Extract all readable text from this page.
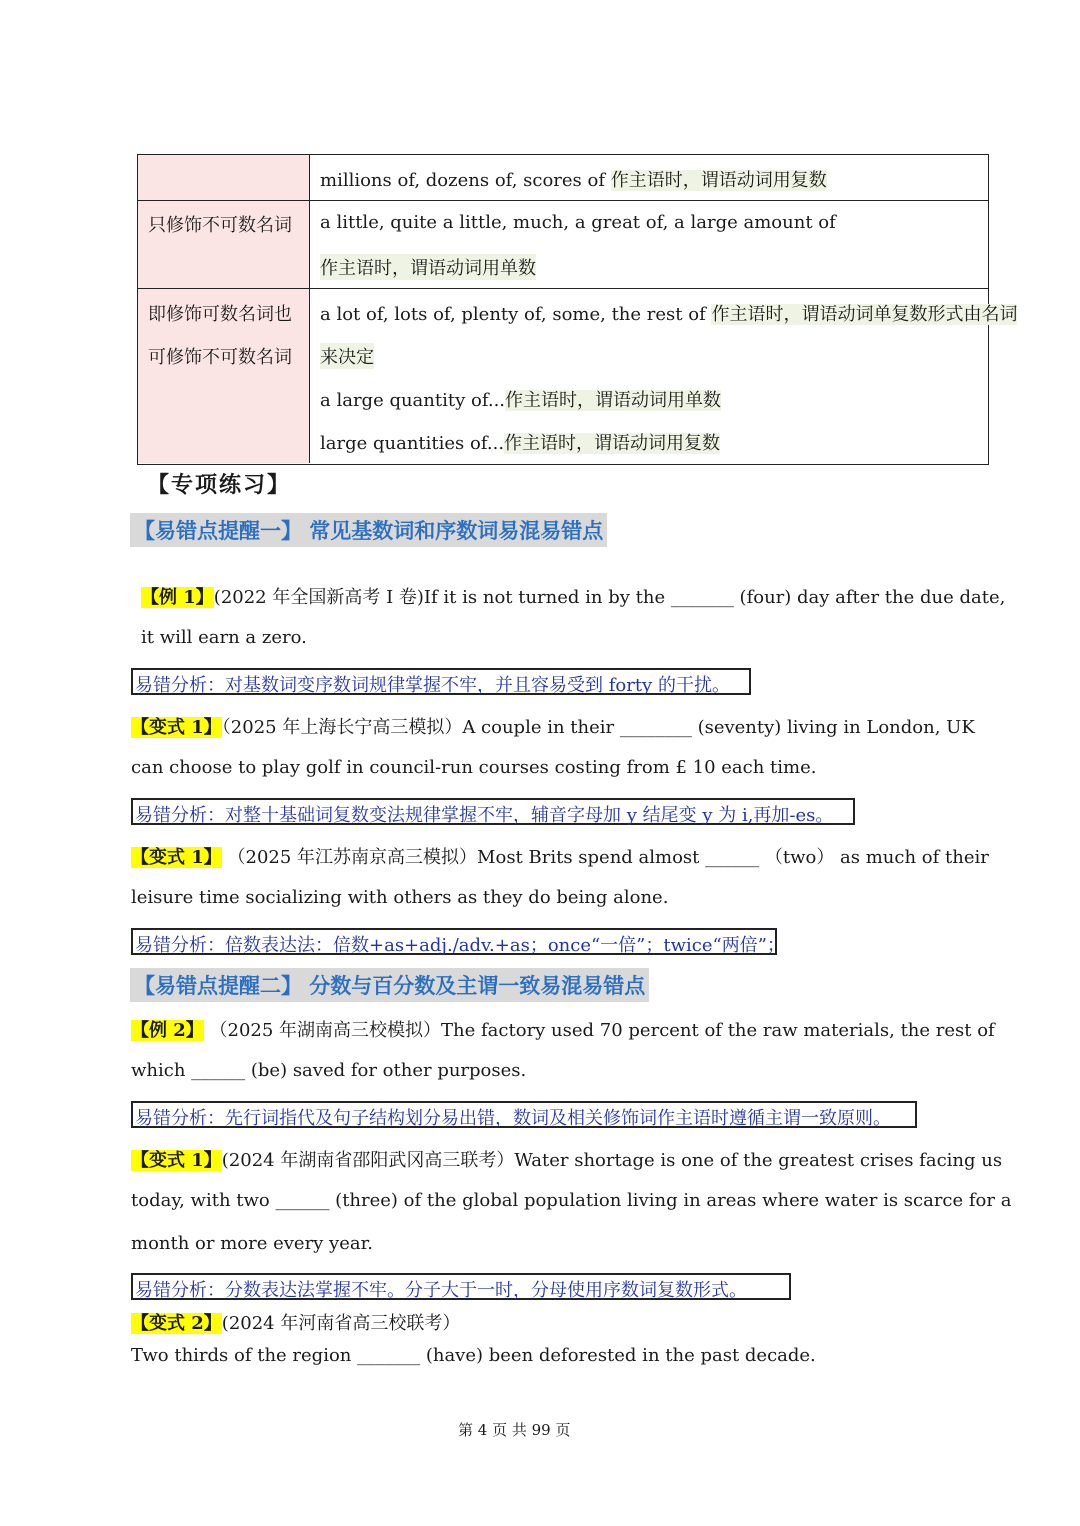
millions of, dozens of, scores of 作主语时，谓语动词用复数
只修饰不可数名词 a little, quite a little, much, a great of, a large amount of
作主语时，谓语动词用单数
即修饰可数名词也
可修饰不可数名词
a lot of, lots of, plenty of, some, the rest of 作主语时，谓语动词单复数形式由名词
来决定
a large quantity of...作主语时，谓语动词用单数
large quantities of...作主语时，谓语动词用复数
【专项练习】
【易错点提醒一】 常见基数词和序数词易混易错点
【例 1】(2022 年全国新高考 I 卷)If it is not turned in by the _______ (four) day after the due date,
it will earn a zero.
易错分析：对基数词变序数词规律掌握不牢，并且容易受到 forty 的干扰。
【变式 1】（2025 年上海长宁高三模拟）A couple in their ________ (seventy) living in London, UK
can choose to play golf in council-run courses costing from £ 10 each time.
易错分析：对整十基础词复数变法规律掌握不牢，辅音字母加 y 结尾变 y 为 i,再加-es。
【变式 1】 （2025 年江苏南京高三模拟）Most Brits spend almost ______ （two） as much of their
leisure time socializing with others as they do being alone.
易错分析：倍数表达法：倍数+as+adj./adv.+as；once“一倍”；twice“两倍”；
【易错点提醒二】 分数与百分数及主谓一致易混易错点
【例 2】 （2025 年湖南高三校模拟）The factory used 70 percent of the raw materials, the rest of
which ______ (be) saved for other purposes.
易错分析：先行词指代及句子结构划分易出错，数词及相关修饰词作主语时遵循主谓一致原则。
【变式 1】(2024 年湖南省邵阳武冈高三联考）Water shortage is one of the greatest crises facing us
today, with two ______ (three) of the global population living in areas where water is scarce for a
month or more every year.
易错分析：分数表达法掌握不牢。分子大于一时，分母使用序数词复数形式。
【变式 2】(2024 年河南省高三校联考）
Two thirds of the region _______ (have) been deforested in the past decade.
第 4 页 共 99 页
